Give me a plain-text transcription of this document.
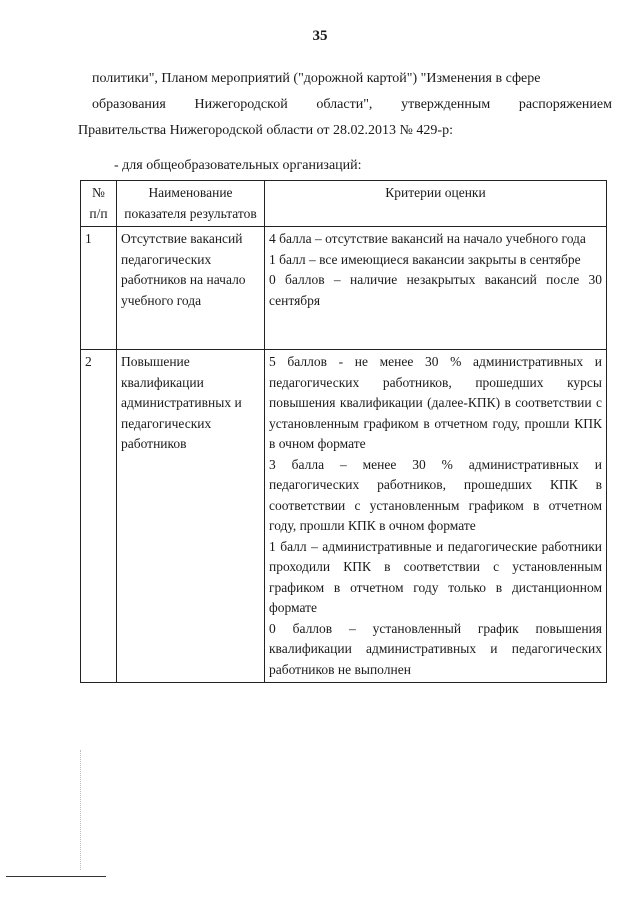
35
политики", Планом мероприятий ("дорожной картой") "Изменения в сфере
образования Нижегородской области", утвержденным распоряжением
Правительства Нижегородской области от 28.02.2013 № 429-р:
- для общеобразовательных организаций:
№ п/п	Наименование показателя результатов	Критерии оценки
1	Отсутствие вакансий педагогических работников на начало учебного года	4 балла – отсутствие вакансий на начало учебного года
1 балл – все имеющиеся вакансии закрыты в сентябре
0 баллов – наличие незакрытых вакансий после 30 сентября

2	Повышение квалификации административных и педагогических работников	5 баллов - не менее 30 % административных и педагогических работников, прошедших курсы повышения квалификации (далее-КПК) в соответствии с установленным графиком в отчетном году, прошли КПК в очном формате
3 балла – менее 30 % административных и педагогических работников, прошедших КПК в соответствии с установленным графиком в отчетном году, прошли КПК в очном формате
1 балл – административные и педагогические работники проходили КПК в соответствии с установленным графиком в отчетном году только в дистанционном формате
0 баллов – установленный график повышения квалификации административных и педагогических работников не выполнен
